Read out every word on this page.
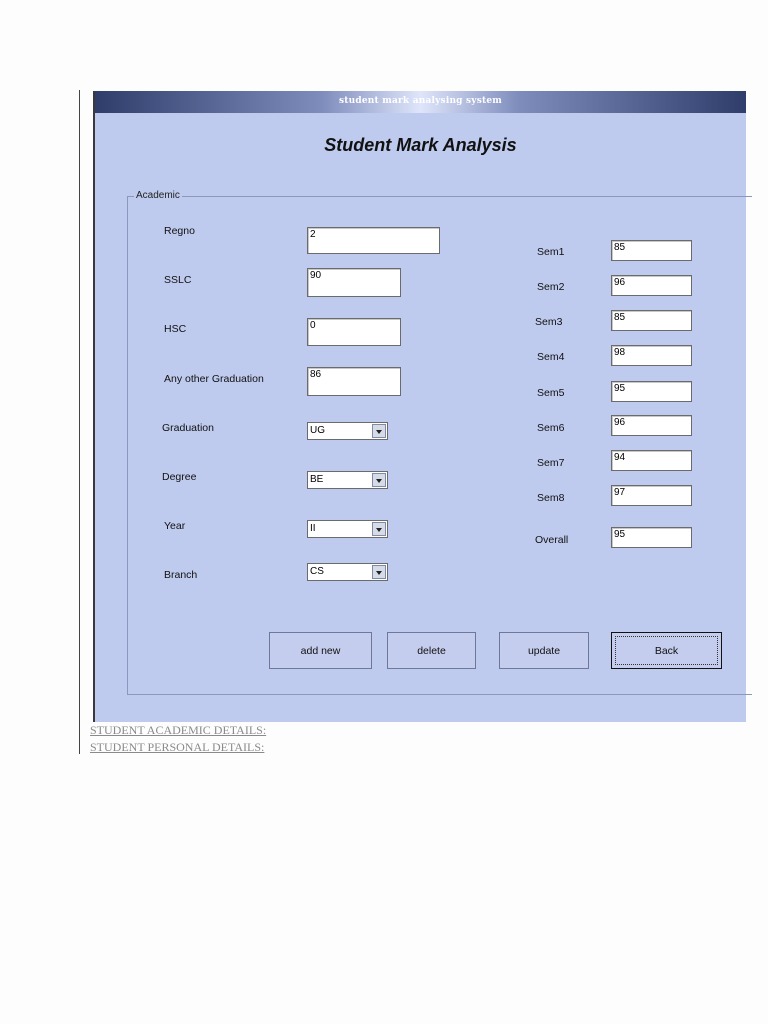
student mark analysing system
Student Mark Analysis
Academic
Regno	2
SSLC	90
HSC	0
Any other Graduation	86
Graduation	UG
Degree	BE
Year	II
Branch	CS
Sem1	85
Sem2	96
Sem3	85
Sem4	98
Sem5	95
Sem6	96
Sem7	94
Sem8	97
Overall	95
add new	delete	update	Back
STUDENT ACADEMIC DETAILS:
STUDENT PERSONAL DETAILS:
